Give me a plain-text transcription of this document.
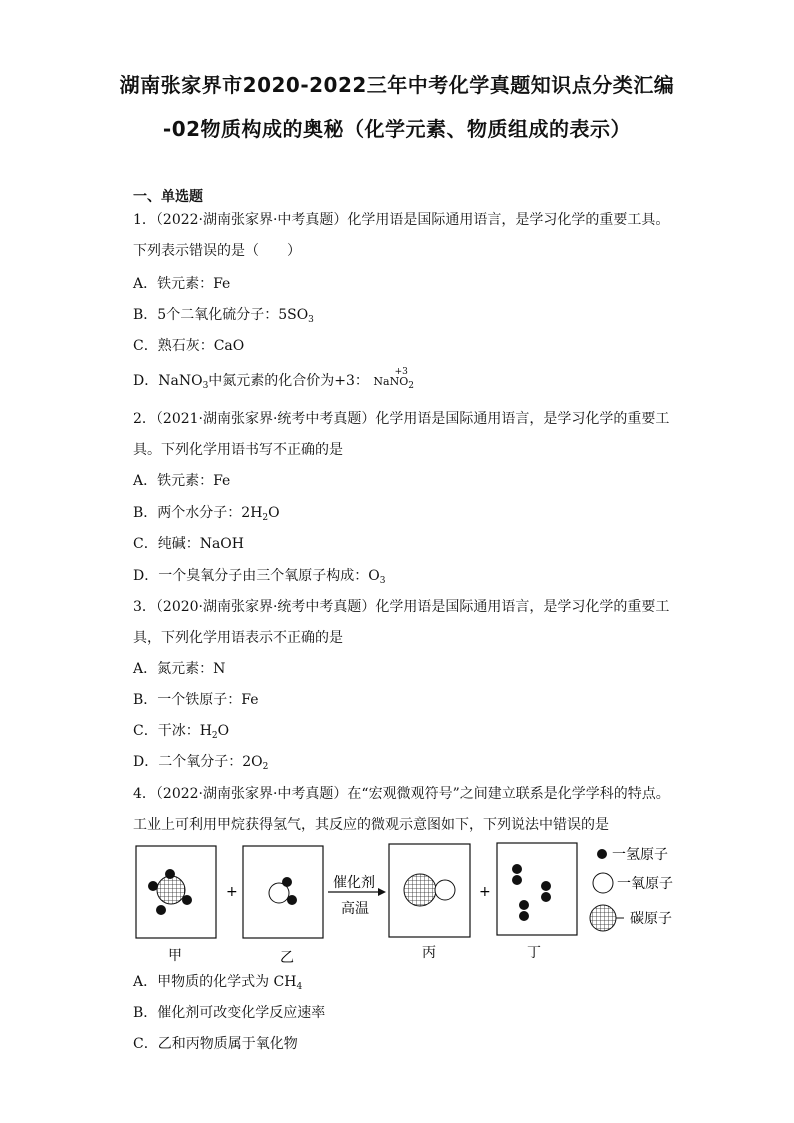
湖南张家界市2020-2022三年中考化学真题知识点分类汇编
-02物质构成的奥秘（化学元素、物质组成的表示）
一、单选题
1．（2022·湖南张家界·中考真题）化学用语是国际通用语言，是学习化学的重要工具。
下列表示错误的是（　　）
A．铁元素：Fe
B．5个二氧化硫分子：$5SO_3$
C．熟石灰：CaO
D．NaNO$_3$中氮元素的化合价为+3： Na
+3
$NO_2$
2．（2021·湖南张家界·统考中考真题）化学用语是国际通用语言，是学习化学的重要工
具。下列化学用语书写不正确的是
A．铁元素：Fe
B．两个水分子：$2H_2O$
C．纯碱：NaOH
D．一个臭氧分子由三个氧原子构成：$O_3$
3．（2020·湖南张家界·统考中考真题）化学用语是国际通用语言，是学习化学的重要工
具，下列化学用语表示不正确的是
A．氮元素：N
B．一个铁原子：Fe
C．干冰：$H_2O$
D．二个氧分子：$2O_2$
4．（2022·湖南张家界·中考真题）在“宏观微观符号”之间建立联系是化学学科的特点。
工业上可利用甲烷获得氢气，其反应的微观示意图如下，下列说法中错误的是
+
催化剂
高温
+
甲	乙	丙	丁
一氢原子
一氧原子
碳原子
A．甲物质的化学式为 $CH_4$
B．催化剂可改变化学反应速率
C．乙和丙物质属于氧化物
